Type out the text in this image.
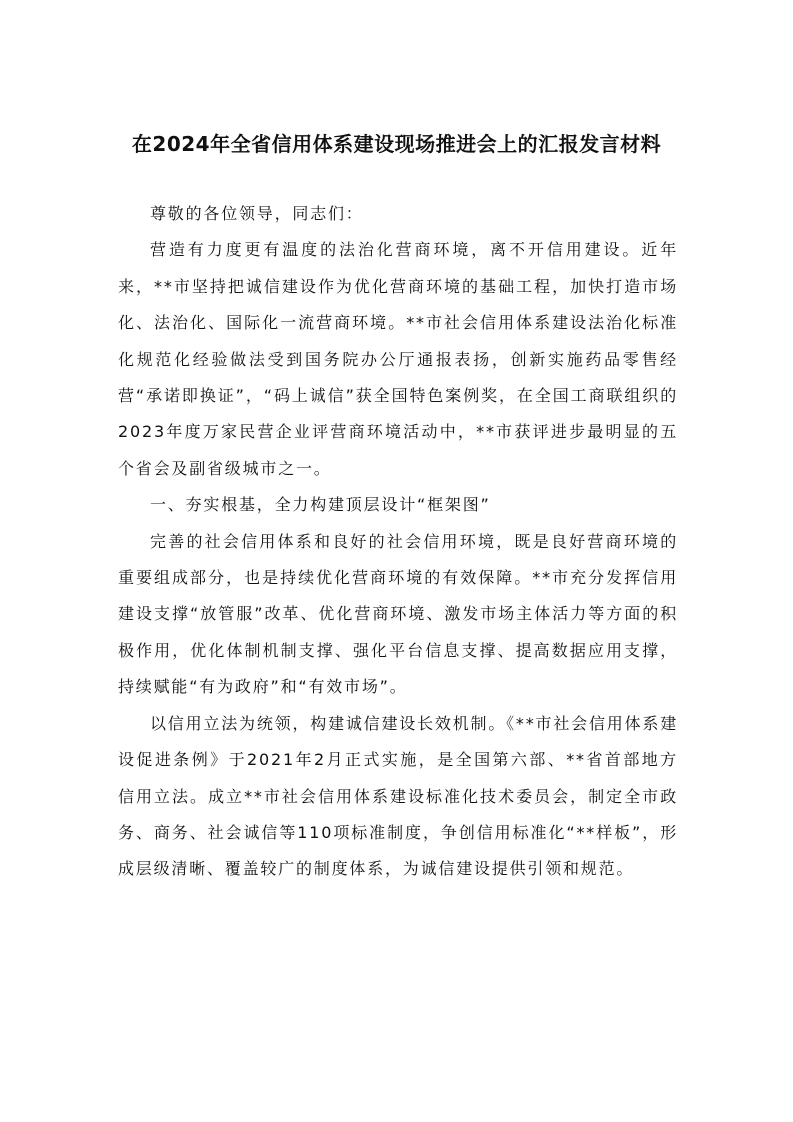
在2024年全省信用体系建设现场推进会上的汇报发言材料

尊敬的各位领导，同志们：

营造有力度更有温度的法治化营商环境，离不开信用建设。近年来，**市坚持把诚信建设作为优化营商环境的基础工程，加快打造市场化、法治化、国际化一流营商环境。**市社会信用体系建设法治化标准化规范化经验做法受到国务院办公厅通报表扬，创新实施药品零售经营“承诺即换证”，“码上诚信”获全国特色案例奖，在全国工商联组织的2023年度万家民营企业评营商环境活动中，**市获评进步最明显的五个省会及副省级城市之一。

一、夯实根基，全力构建顶层设计“框架图”

完善的社会信用体系和良好的社会信用环境，既是良好营商环境的重要组成部分，也是持续优化营商环境的有效保障。**市充分发挥信用建设支撑“放管服”改革、优化营商环境、激发市场主体活力等方面的积极作用，优化体制机制支撑、强化平台信息支撑、提高数据应用支撑，持续赋能“有为政府”和“有效市场”。

以信用立法为统领，构建诚信建设长效机制。《**市社会信用体系建设促进条例》于2021年2月正式实施，是全国第六部、**省首部地方信用立法。成立**市社会信用体系建设标准化技术委员会，制定全市政务、商务、社会诚信等110项标准制度，争创信用标准化“**样板”，形成层级清晰、覆盖较广的制度体系，为诚信建设提供引领和规范。
